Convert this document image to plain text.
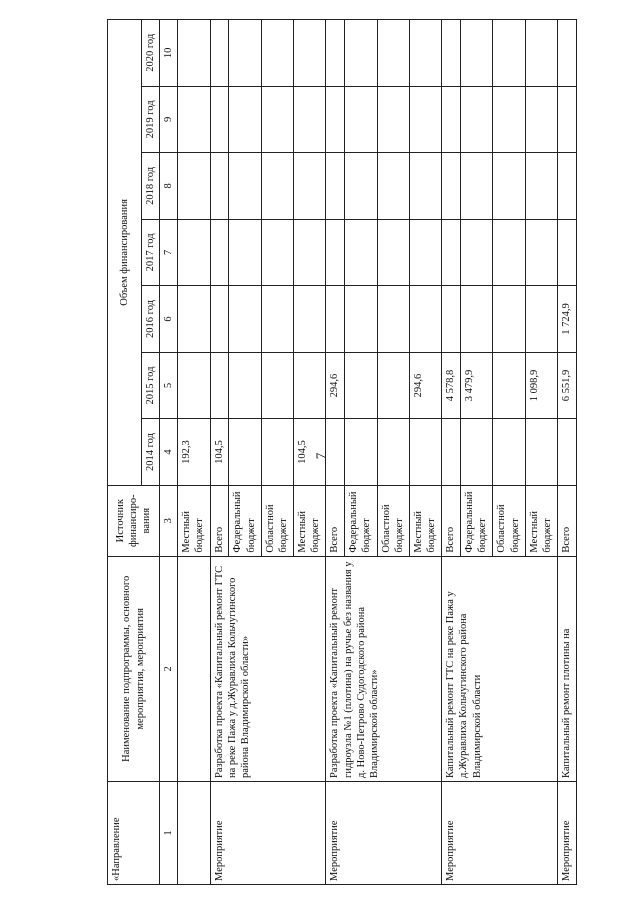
7
«Направление	Наименование подпрограммы, основного мероприятия, мероприятия	Источник финансиро-вания	Объем финансирования						
			2014 год	2015 год	2016 год	2017 год	2018 год	2019 год	2020 год
1	2	3	4	5	6	7	8	9	10
		Местный бюджет	192,3						
Мероприятие	Разработка проекта «Капитальный ремонт ГТС на реке Пажа у д.Журавлиха Кольчугинского района Владимирской области»	Всего	104,5						
		Федеральный бюджет							
		Областной бюджет							
		Местный бюджет	104,5						
Мероприятие	Разработка проекта «Капитальный ремонт гидроузла №1 (плотина) на ручье без названия у д. Ново-Петрово Судогодского района Владимирской области»	Всего		294,6					
		Федеральный бюджет							
		Областной бюджет							
		Местный бюджет		294,6					
Мероприятие	Капитальный ремонт ГТС на реке Пажа у д.Журавлиха Кольчугинского района Владимирской области	Всего		4 578,8					
		Федеральный бюджет		3 479,9					
		Областной бюджет							
		Местный бюджет		1 098,9					
Мероприятие	Капитальный ремонт плотины на	Всего		6 551,9	1 724,9				
